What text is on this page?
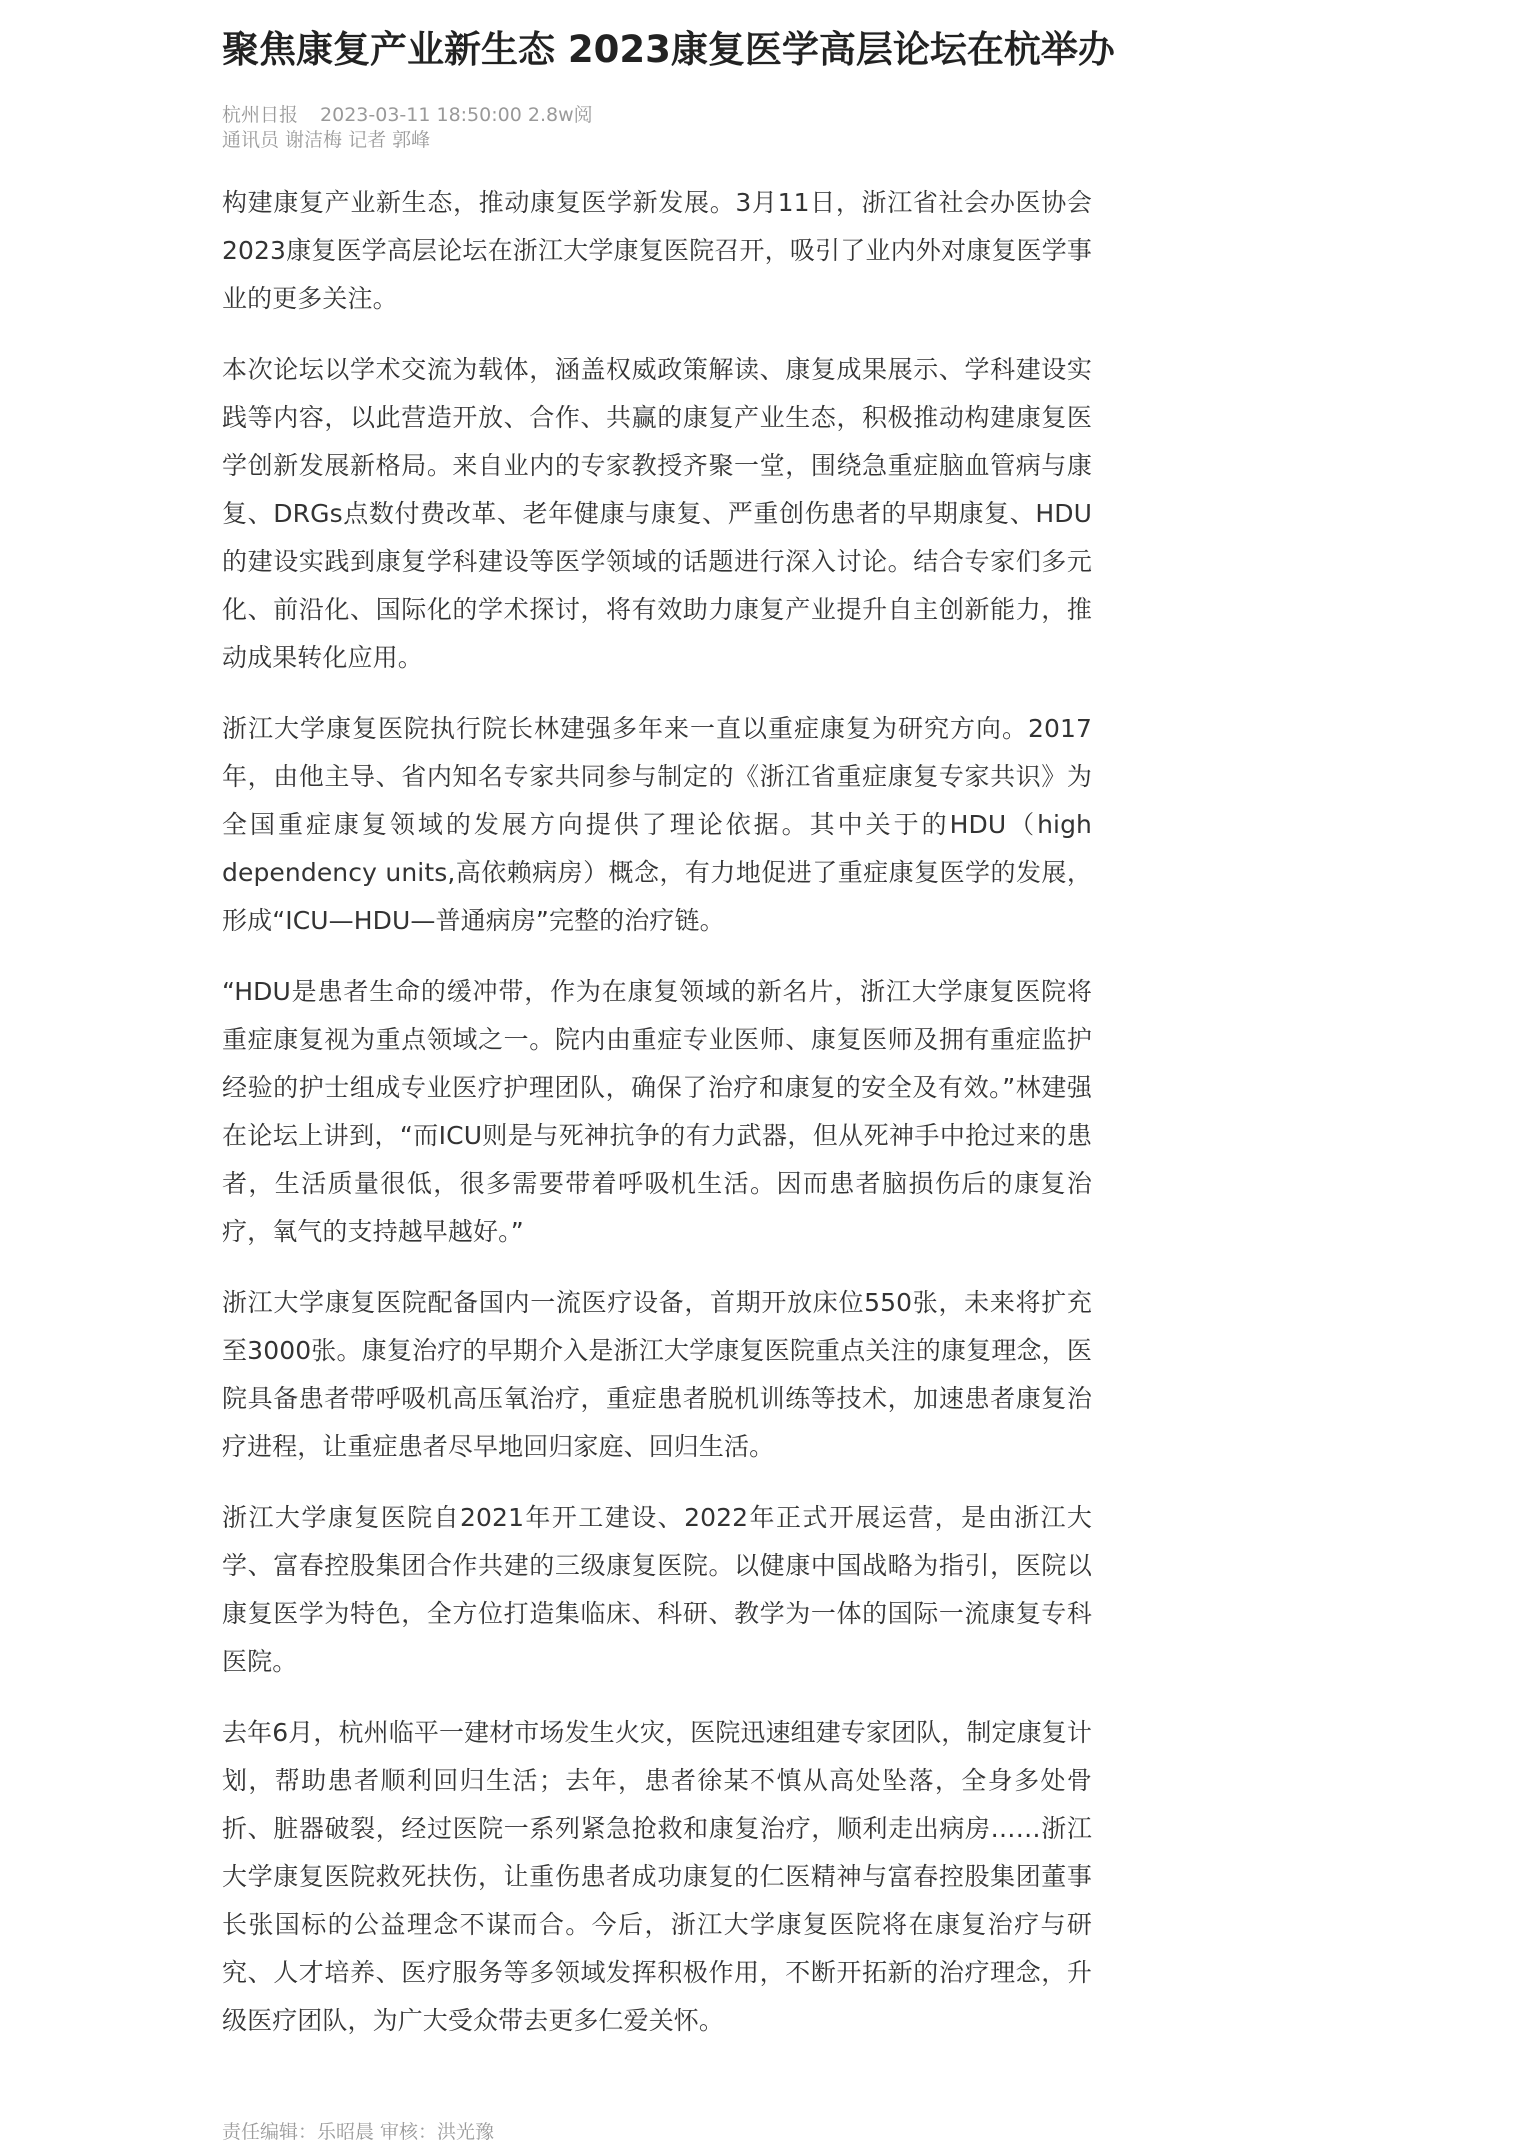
聚焦康复产业新生态 2023康复医学高层论坛在杭举办
杭州日报 2023-03-11 18:50:00 2.8w阅
通讯员 谢洁梅 记者 郭峰

构建康复产业新生态，推动康复医学新发展。3月11日，浙江省社会办医协会2023康复医学高层论坛在浙江大学康复医院召开，吸引了业内外对康复医学事业的更多关注。

本次论坛以学术交流为载体，涵盖权威政策解读、康复成果展示、学科建设实践等内容，以此营造开放、合作、共赢的康复产业生态，积极推动构建康复医学创新发展新格局。来自业内的专家教授齐聚一堂，围绕急重症脑血管病与康复、DRGs点数付费改革、老年健康与康复、严重创伤患者的早期康复、HDU的建设实践到康复学科建设等医学领域的话题进行深入讨论。结合专家们多元化、前沿化、国际化的学术探讨，将有效助力康复产业提升自主创新能力，推动成果转化应用。

浙江大学康复医院执行院长林建强多年来一直以重症康复为研究方向。2017年，由他主导、省内知名专家共同参与制定的《浙江省重症康复专家共识》为全国重症康复领域的发展方向提供了理论依据。其中关于的HDU（high dependency units,高依赖病房）概念，有力地促进了重症康复医学的发展，形成“ICU—HDU—普通病房”完整的治疗链。

“HDU是患者生命的缓冲带，作为在康复领域的新名片，浙江大学康复医院将重症康复视为重点领域之一。院内由重症专业医师、康复医师及拥有重症监护经验的护士组成专业医疗护理团队，确保了治疗和康复的安全及有效。”林建强在论坛上讲到，“而ICU则是与死神抗争的有力武器，但从死神手中抢过来的患者，生活质量很低，很多需要带着呼吸机生活。因而患者脑损伤后的康复治疗，氧气的支持越早越好。”

浙江大学康复医院配备国内一流医疗设备，首期开放床位550张，未来将扩充至3000张。康复治疗的早期介入是浙江大学康复医院重点关注的康复理念，医院具备患者带呼吸机高压氧治疗，重症患者脱机训练等技术，加速患者康复治疗进程，让重症患者尽早地回归家庭、回归生活。

浙江大学康复医院自2021年开工建设、2022年正式开展运营，是由浙江大学、富春控股集团合作共建的三级康复医院。以健康中国战略为指引，医院以康复医学为特色，全方位打造集临床、科研、教学为一体的国际一流康复专科医院。

去年6月，杭州临平一建材市场发生火灾，医院迅速组建专家团队，制定康复计划，帮助患者顺利回归生活；去年，患者徐某不慎从高处坠落，全身多处骨折、脏器破裂，经过医院一系列紧急抢救和康复治疗，顺利走出病房……浙江大学康复医院救死扶伤，让重伤患者成功康复的仁医精神与富春控股集团董事长张国标的公益理念不谋而合。今后，浙江大学康复医院将在康复治疗与研究、人才培养、医疗服务等多领域发挥积极作用，不断开拓新的治疗理念，升级医疗团队，为广大受众带去更多仁爱关怀。

责任编辑：乐昭晨 审核：洪光豫
